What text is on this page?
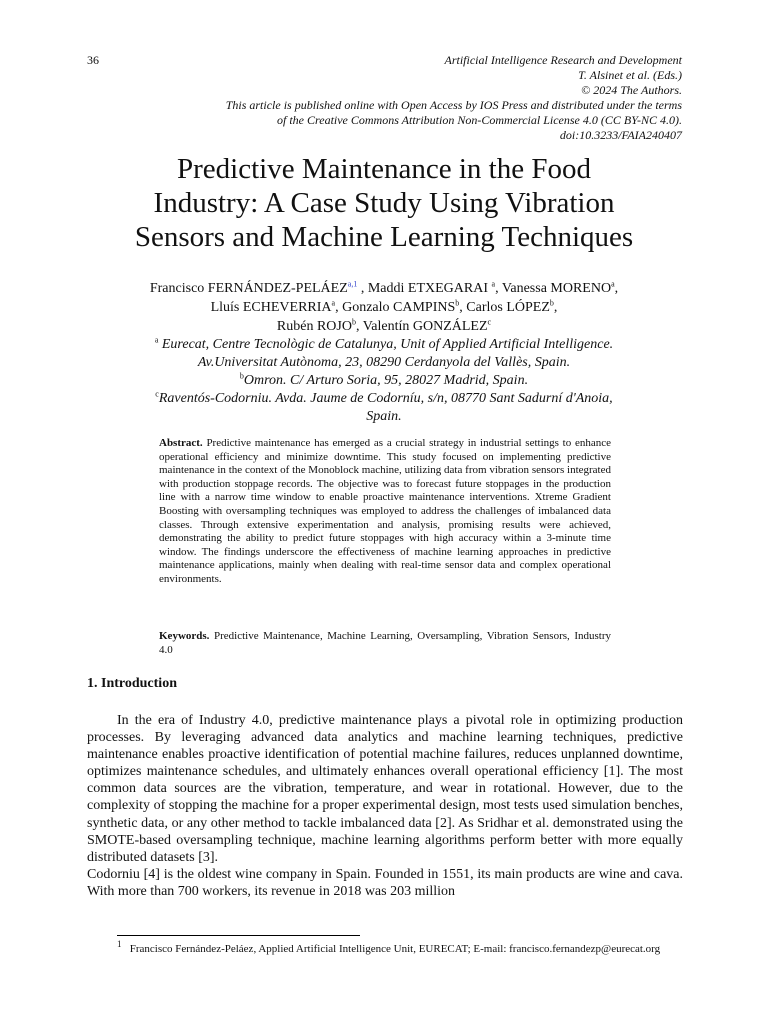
36	Artificial Intelligence Research and Development
T. Alsinet et al. (Eds.)
© 2024 The Authors.
This article is published online with Open Access by IOS Press and distributed under the terms
of the Creative Commons Attribution Non-Commercial License 4.0 (CC BY-NC 4.0).
doi:10.3233/FAIA240407
Predictive Maintenance in the Food
Industry: A Case Study Using Vibration
Sensors and Machine Learning Techniques
Francisco FERNÁNDEZ-PELÁEZ$^{a,1}$ , Maddi ETXEGARAI $^a$, Vanessa MORENO$^a$,
Lluís ECHEVERRIA$^a$, Gonzalo CAMPINS$^b$, Carlos LÓPEZ$^b$,
Rubén ROJO$^b$, Valentín GONZÁLEZ$^c$
$^a$ Eurecat, Centre Tecnològic de Catalunya, Unit of Applied Artificial Intelligence.
Av.Universitat Autònoma, 23, 08290 Cerdanyola del Vallès, Spain.
$^b$Omron. C/ Arturo Soria, 95, 28027 Madrid, Spain.
$^c$Raventós-Codorniu. Avda. Jaume de Codorníu, s/n, 08770 Sant Sadurní d'Anoia,
Spain.
Abstract. Predictive maintenance has emerged as a crucial strategy in industrial settings to enhance operational efficiency and minimize downtime. This study focused on implementing predictive maintenance in the context of the Monoblock machine, utilizing data from vibration sensors integrated with production stoppage records. The objective was to forecast future stoppages in the production line with a narrow time window to enable proactive maintenance interventions. Xtreme Gradient Boosting with oversampling techniques was employed to address the challenges of imbalanced data classes. Through extensive experimentation and analysis, promising results were achieved, demonstrating the ability to predict future stoppages with high accuracy within a 3-minute time window. The findings underscore the effectiveness of machine learning approaches in predictive maintenance applications, mainly when dealing with real-time sensor data and complex operational environments.
Keywords. Predictive Maintenance, Machine Learning, Oversampling, Vibration Sensors, Industry 4.0
1. Introduction

In the era of Industry 4.0, predictive maintenance plays a pivotal role in optimizing production processes. By leveraging advanced data analytics and machine learning techniques, predictive maintenance enables proactive identification of potential machine failures, reduces unplanned downtime, optimizes maintenance schedules, and ultimately enhances overall operational efficiency [1]. The most common data sources are the vibration, temperature, and wear in rotational. However, due to the complexity of stopping the machine for a proper experimental design, most tests used simulation benches, synthetic data, or any other method to tackle imbalanced data [2]. As Sridhar et al. demonstrated using the SMOTE-based oversampling technique, machine learning algorithms perform better with more equally distributed datasets [3].

Codorniu [4] is the oldest wine company in Spain. Founded in 1551, its main products are wine and cava. With more than 700 workers, its revenue in 2018 was 203 million

$^1$ Francisco Fernández-Peláez, Applied Artificial Intelligence Unit, EURECAT; E-mail: francisco.fernandezp@eurecat.org
